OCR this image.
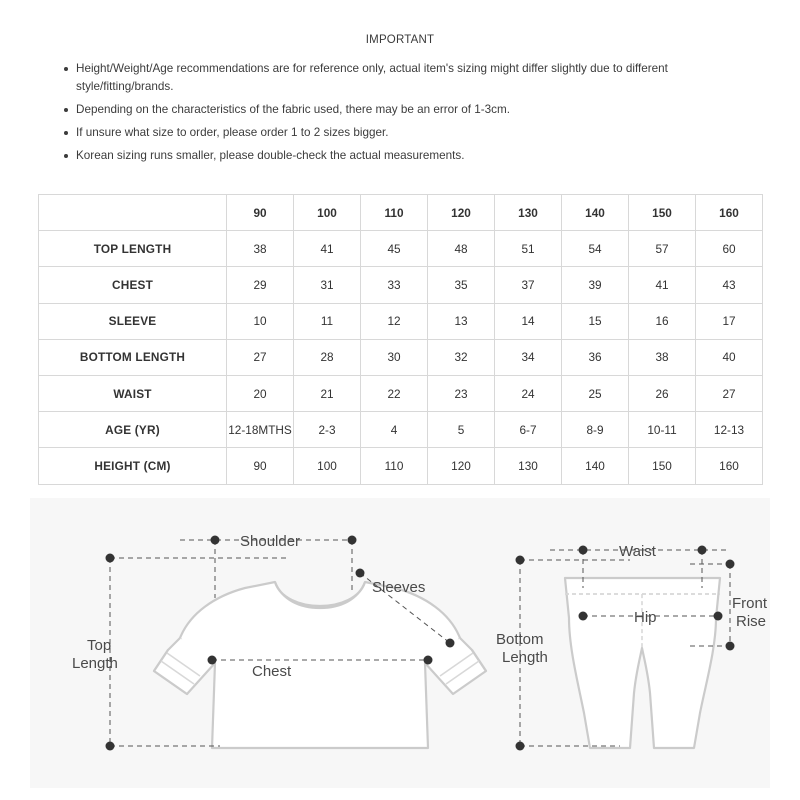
IMPORTANT
Height/Weight/Age recommendations are for reference only, actual item's sizing might differ slightly due to different style/fitting/brands.
Depending on the characteristics of the fabric used, there may be an error of 1-3cm.
If unsure what size to order, please order 1 to 2 sizes bigger.
Korean sizing runs smaller, please double-check the actual measurements.
	90	100	110	120	130	140	150	160
TOP LENGTH	38	41	45	48	51	54	57	60
CHEST	29	31	33	35	37	39	41	43
SLEEVE	10	11	12	13	14	15	16	17
BOTTOM LENGTH	27	28	30	32	34	36	38	40
WAIST	20	21	22	23	24	25	26	27
AGE (YR)	12-18MTHS	2-3	4	5	6-7	8-9	10-11	12-13
HEIGHT (CM)	90	100	110	120	130	140	150	160
Shoulder
Sleeves
Chest
Top
Length
Waist
Hip
Front
Rise
Bottom
Length
